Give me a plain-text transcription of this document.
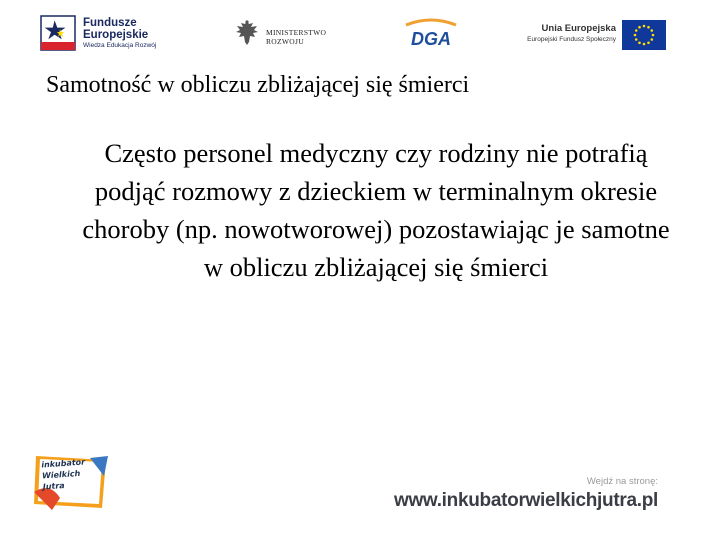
Fundusze
Europejskie
Wiedza Edukacja Rozwój
MINISTERSTWO
ROZWOJU	DGA
Unia Europejska
Europejski Fundusz Społeczny
Samotność w obliczu zbliżającej się śmierci

Często personel medyczny czy rodziny nie potrafią podjąć rozmowy z dzieckiem w terminalnym okresie choroby (np. nowotworowej) pozostawiając je samotne w obliczu zbliżającej się śmierci

inkubator
Wielkich
Jutra	Wejdź na stronę:
www.inkubatorwielkichjutra.pl
